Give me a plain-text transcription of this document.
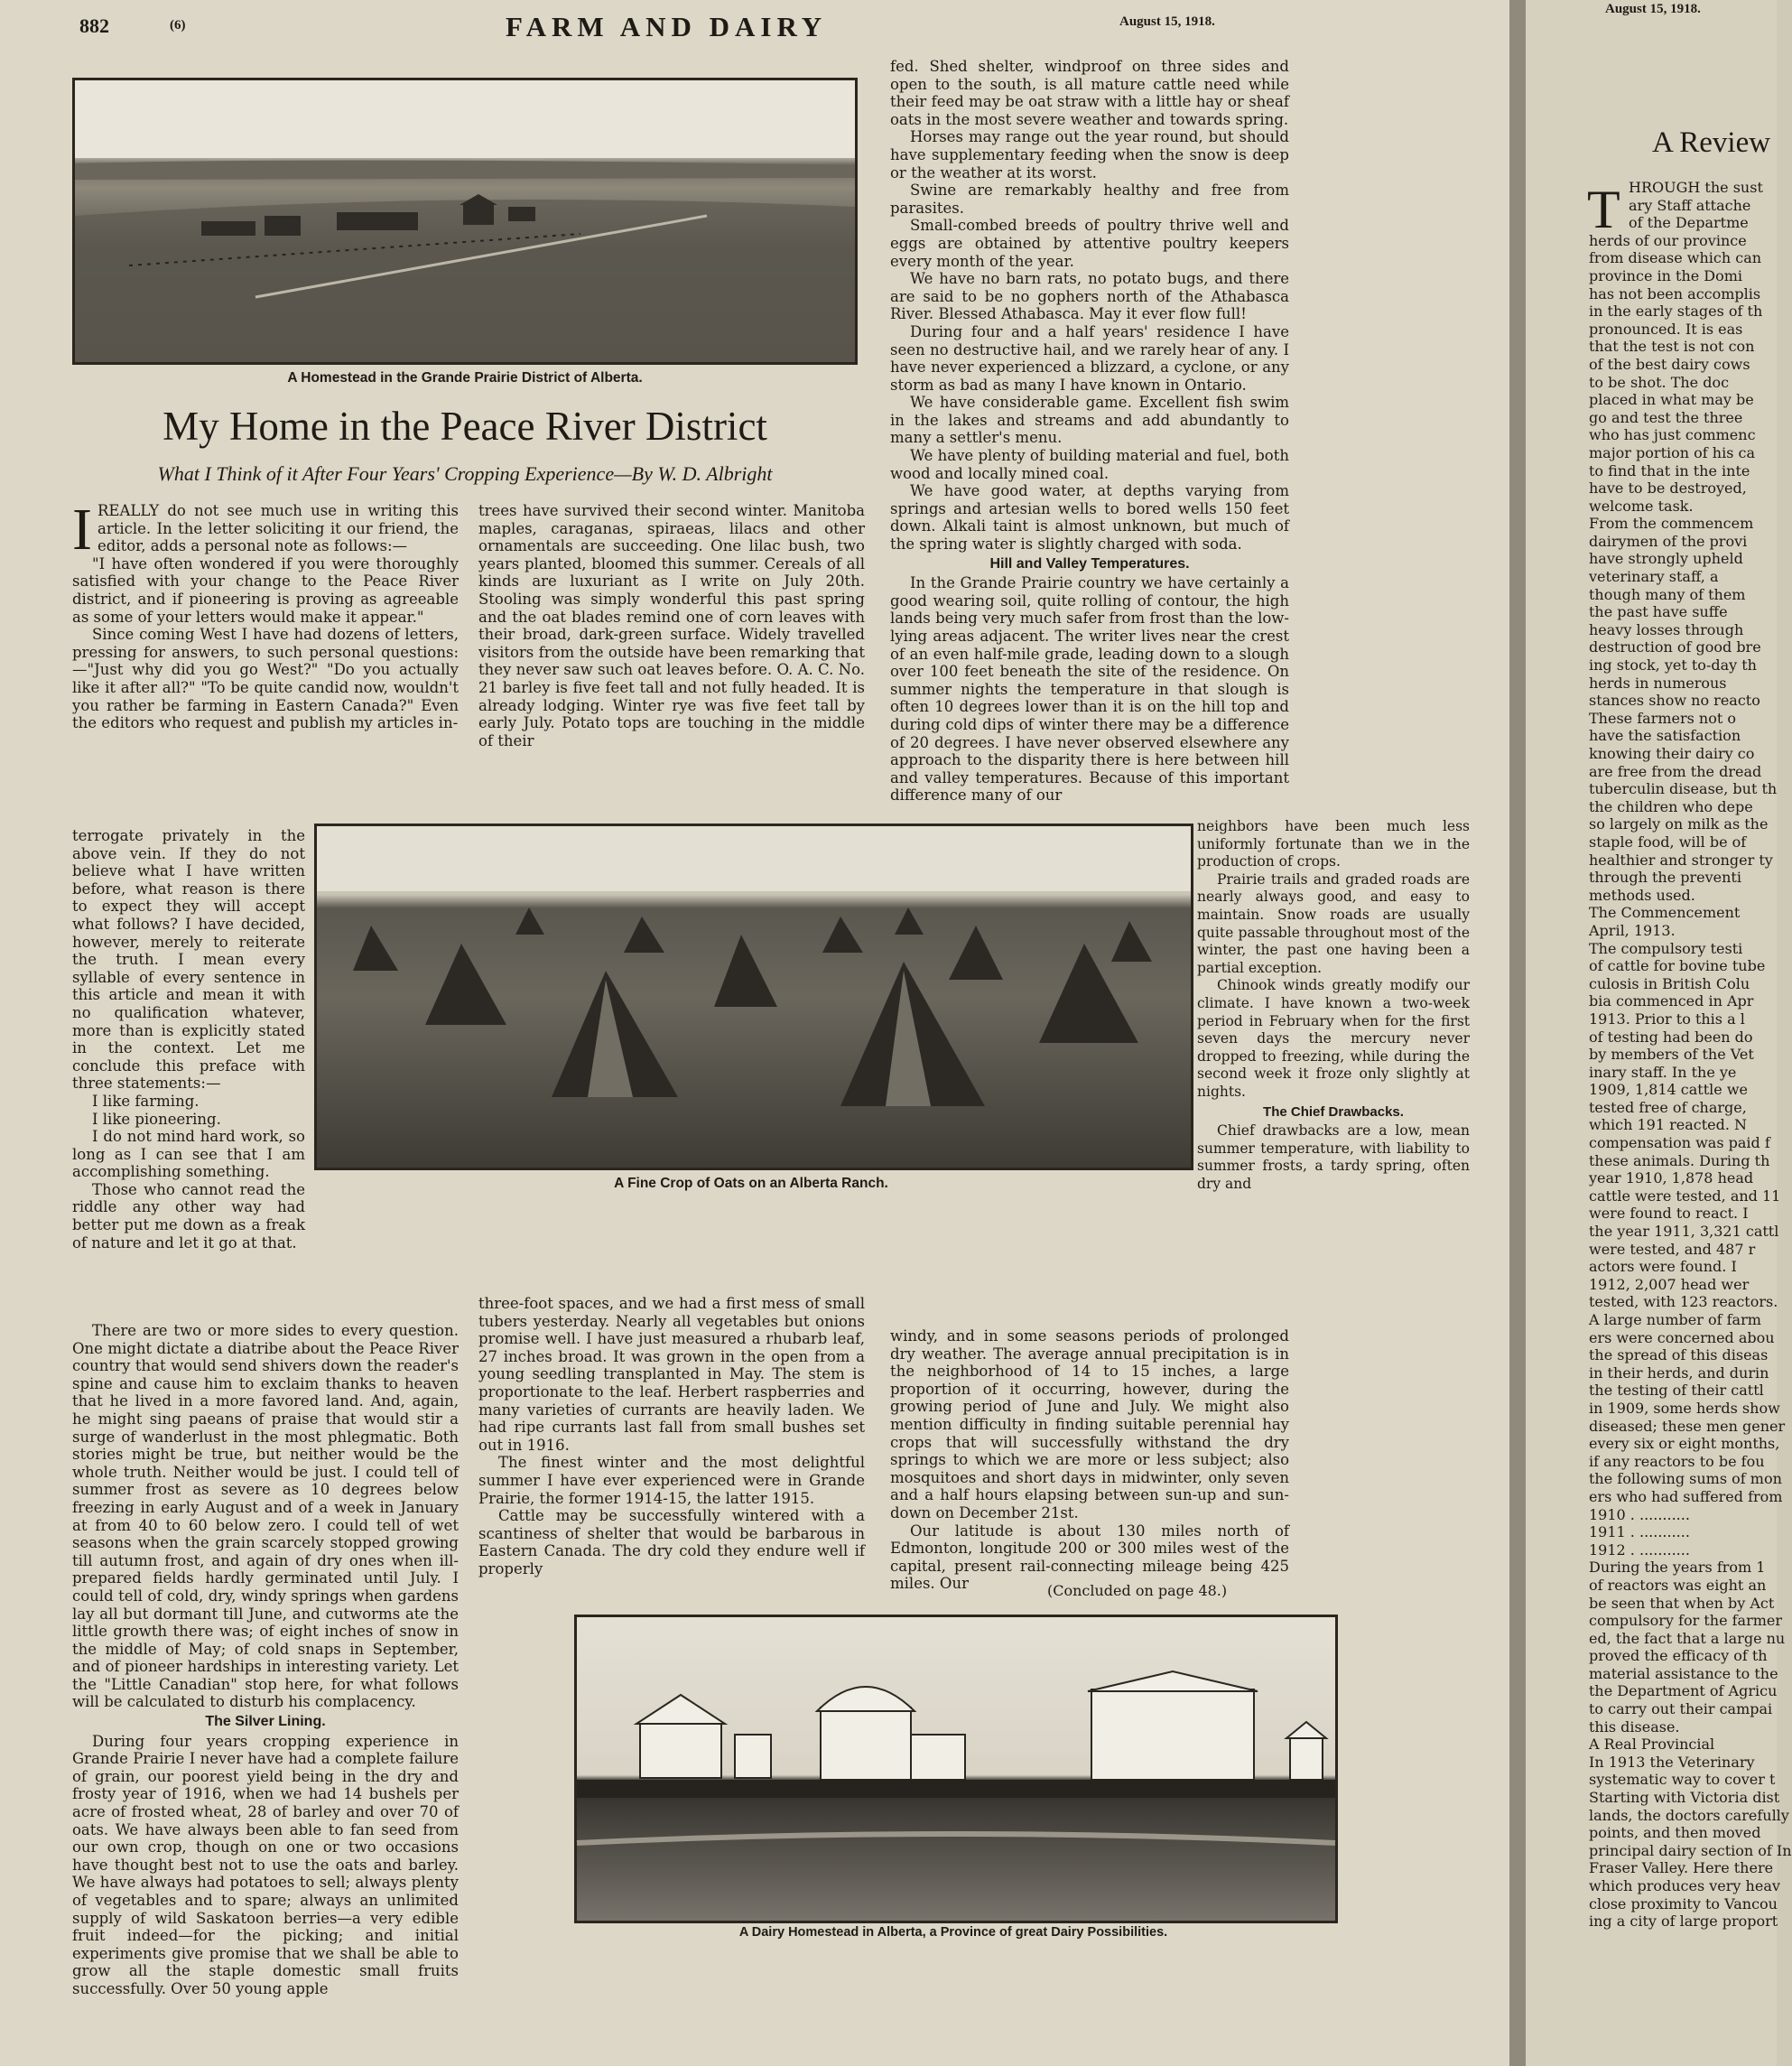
882	(6)	FARM AND DAIRY	August 15, 1918.
A Homestead in the Grande Prairie District of Alberta.
My Home in the Peace River District
What I Think of it After Four Years' Cropping Experience—By W. D. Albright

IREALLY do not see much use in writing this article. In the letter soliciting it our friend, the editor, adds a personal note as follows:—

"I have often wondered if you were thoroughly satisfied with your change to the Peace River district, and if pioneering is proving as agreeable as some of your letters would make it appear."

Since coming West I have had dozens of letters, pressing for answers, to such personal questions:—"Just why did you go West?" "Do you actually like it after all?" "To be quite candid now, wouldn't you rather be farming in Eastern Canada?" Even the editors who request and publish my articles in-

terrogate privately in the above vein. If they do not believe what I have written before, what reason is there to expect they will accept what follows? I have decided, however, merely to reiterate the truth. I mean every syllable of every sentence in this article and mean it with no qualification whatever, more than is explicitly stated in the context. Let me conclude this preface with three statements:—

I like farming.

I like pioneering.

I do not mind hard work, so long as I can see that I am accomplishing something.

Those who cannot read the riddle any other way had better put me down as a freak of nature and let it go at that.

There are two or more sides to every question. One might dictate a diatribe about the Peace River country that would send shivers down the reader's spine and cause him to exclaim thanks to heaven that he lived in a more favored land. And, again, he might sing paeans of praise that would stir a surge of wanderlust in the most phlegmatic. Both stories might be true, but neither would be the whole truth. Neither would be just. I could tell of summer frost as severe as 10 degrees below freezing in early August and of a week in January at from 40 to 60 below zero. I could tell of wet seasons when the grain scarcely stopped growing till autumn frost, and again of dry ones when ill-prepared fields hardly germinated until July. I could tell of cold, dry, windy springs when gardens lay all but dormant till June, and cutworms ate the little growth there was; of eight inches of snow in the middle of May; of cold snaps in September, and of pioneer hardships in interesting variety. Let the "Little Canadian" stop here, for what follows will be calculated to disturb his complacency.

The Silver Lining.

During four years cropping experience in Grande Prairie I never have had a complete failure of grain, our poorest yield being in the dry and frosty year of 1916, when we had 14 bushels per acre of frosted wheat, 28 of barley and over 70 of oats. We have always been able to fan seed from our own crop, though on one or two occasions have thought best not to use the oats and barley. We have always had potatoes to sell; always plenty of vegetables and to spare; always an unlimited supply of wild Saskatoon berries—a very edible fruit indeed—for the picking; and initial experiments give promise that we shall be able to grow all the staple domestic small fruits successfully. Over 50 young apple

trees have survived their second winter. Manitoba maples, caraganas, spiraeas, lilacs and other ornamentals are succeeding. One lilac bush, two years planted, bloomed this summer. Cereals of all kinds are luxuriant as I write on July 20th. Stooling was simply wonderful this past spring and the oat blades remind one of corn leaves with their broad, dark-green surface. Widely travelled visitors from the outside have been remarking that they never saw such oat leaves before. O. A. C. No. 21 barley is five feet tall and not fully headed. It is already lodging. Winter rye was five feet tall by early July. Potato tops are touching in the middle of their

A Fine Crop of Oats on an Alberta Ranch.

three-foot spaces, and we had a first mess of small tubers yesterday. Nearly all vegetables but onions promise well. I have just measured a rhubarb leaf, 27 inches broad. It was grown in the open from a young seedling transplanted in May. The stem is proportionate to the leaf. Herbert raspberries and many varieties of currants are heavily laden. We had ripe currants last fall from small bushes set out in 1916.

The finest winter and the most delightful summer I have ever experienced were in Grande Prairie, the former 1914-15, the latter 1915.

Cattle may be successfully wintered with a scantiness of shelter that would be barbarous in Eastern Canada. The dry cold they endure well if properly

fed. Shed shelter, windproof on three sides and open to the south, is all mature cattle need while their feed may be oat straw with a little hay or sheaf oats in the most severe weather and towards spring.

Horses may range out the year round, but should have supplementary feeding when the snow is deep or the weather at its worst.

Swine are remarkably healthy and free from parasites.

Small-combed breeds of poultry thrive well and eggs are obtained by attentive poultry keepers every month of the year.

We have no barn rats, no potato bugs, and there are said to be no gophers north of the Athabasca River. Blessed Athabasca. May it ever flow full!

During four and a half years' residence I have seen no destructive hail, and we rarely hear of any. I have never experienced a blizzard, a cyclone, or any storm as bad as many I have known in Ontario.

We have considerable game. Excellent fish swim in the lakes and streams and add abundantly to many a settler's menu.

We have plenty of building material and fuel, both wood and locally mined coal.

We have good water, at depths varying from springs and artesian wells to bored wells 150 feet down. Alkali taint is almost unknown, but much of the spring water is slightly charged with soda.

Hill and Valley Temperatures.

In the Grande Prairie country we have certainly a good wearing soil, quite rolling of contour, the high lands being very much safer from frost than the low-lying areas adjacent. The writer lives near the crest of an even half-mile grade, leading down to a slough over 100 feet beneath the site of the residence. On summer nights the temperature in that slough is often 10 degrees lower than it is on the hill top and during cold dips of winter there may be a difference of 20 degrees. I have never observed elsewhere any approach to the disparity there is here between hill and valley temperatures. Because of this important difference many of our

neighbors have been much less uniformly fortunate than we in the production of crops.

Prairie trails and graded roads are nearly always good, and easy to maintain. Snow roads are usually quite passable throughout most of the winter, the past one having been a partial exception.

Chinook winds greatly modify our climate. I have known a two-week period in February when for the first seven days the mercury never dropped to freezing, while during the second week it froze only slightly at nights.

The Chief Drawbacks.

Chief drawbacks are a low, mean summer temperature, with liability to summer frosts, a tardy spring, often dry and

windy, and in some seasons periods of prolonged dry weather. The average annual precipitation is in the neighborhood of 14 to 15 inches, a large proportion of it occurring, however, during the growing period of June and July. We might also mention difficulty in finding suitable perennial hay crops that will successfully withstand the dry springs to which we are more or less subject; also mosquitoes and short days in midwinter, only seven and a half hours elapsing between sun-up and sun-down on December 21st.

Our latitude is about 130 miles north of Edmonton, longitude 200 or 300 miles west of the capital, present rail-connecting mileage being 425 miles. Our	(Concluded on page 48.)
A Dairy Homestead in Alberta, a Province of great Dairy Possibilities.
August 15, 1918.
A Review
T HROUGH the sust
ary Staff attache
of the Departme
herds of our province
from disease which can
province in the Domi
has not been accomplis
in the early stages of th
pronounced. It is eas
that the test is not con
of the best dairy cows
to be shot. The doc
placed in what may be
go and test the three
who has just commenc
major portion of his ca
to find that in the inte
have to be destroyed,
welcome task.
From the commencem
dairymen of the provi
have strongly upheld
veterinary staff, a
though many of them
the past have suffe
heavy losses through
destruction of good bre
ing stock, yet to-day th
herds in numerous
stances show no reacto
These farmers not o
have the satisfaction
knowing their dairy co
are free from the dread
tuberculin disease, but th
the children who depe
so largely on milk as the
staple food, will be of
healthier and stronger ty
through the preventi
methods used.
The Commencement
April, 1913.
The compulsory testi
of cattle for bovine tube
culosis in British Colu
bia commenced in Apr
1913. Prior to this a l
of testing had been do
by members of the Vet
inary staff. In the ye
1909, 1,814 cattle we
tested free of charge,
which 191 reacted. N
compensation was paid f
these animals. During th
year 1910, 1,878 head
cattle were tested, and 11
were found to react. I
the year 1911, 3,321 cattl
were tested, and 487 r
actors were found. I
1912, 2,007 head wer
tested, with 123 reactors.
A large number of farm
ers were concerned abou
the spread of this diseas
in their herds, and durin
the testing of their cattl
in 1909, some herds show
diseased; these men gener
every six or eight months,
if any reactors to be fou
the following sums of mon
ers who had suffered from
1910 . ...........
1911 . ...........
1912 . ...........
During the years from 1
of reactors was eight an
be seen that when by Act
compulsory for the farmer
ed, the fact that a large nu
proved the efficacy of th
material assistance to the
the Department of Agricu
to carry out their campai
this disease.
A Real Provincial
In 1913 the Veterinary
systematic way to cover t
Starting with Victoria dist
lands, the doctors carefully
points, and then moved
principal dairy section of In
Fraser Valley. Here there
which produces very heav
close proximity to Vancou
ing a city of large proport
